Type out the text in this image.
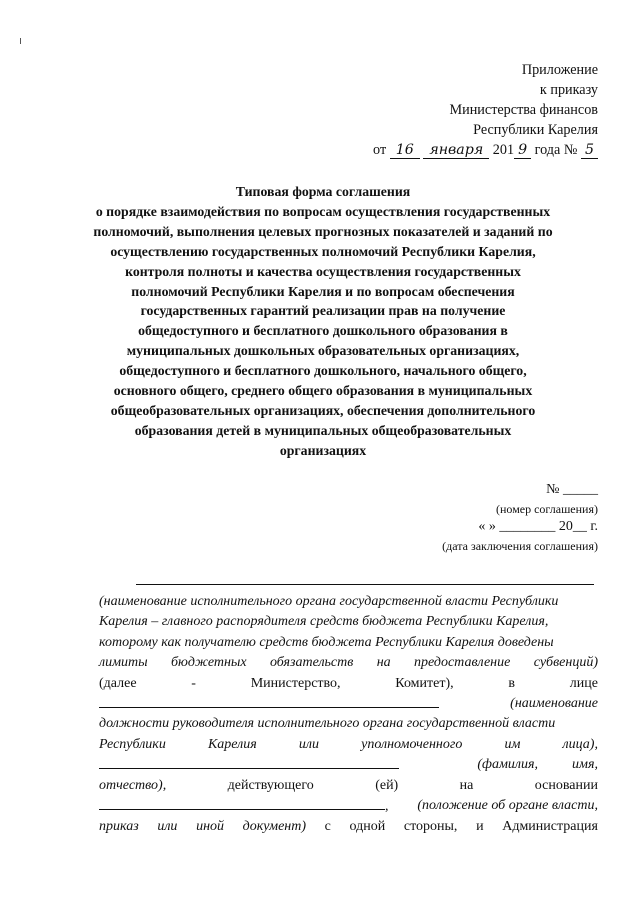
Приложение
к приказу
Министерства финансов
Республики Карелия
от 16 января 201 9 года № 5
Типовая форма соглашения
о порядке взаимодействия по вопросам осуществления государственных
полномочий, выполнения целевых прогнозных показателей и заданий по
осуществлению государственных полномочий Республики Карелия,
контроля полноты и качества осуществления государственных
полномочий Республики Карелия и по вопросам обеспечения
государственных гарантий реализации прав на получение
общедоступного и бесплатного дошкольного образования в
муниципальных дошкольных образовательных организациях,
общедоступного и бесплатного дошкольного, начального общего,
основного общего, среднего общего образования в муниципальных
общеобразовательных организациях, обеспечения дополнительного
образования детей в муниципальных общеобразовательных
организациях
№ _____
(номер соглашения)
« » ________ 20__ г.
(дата заключения соглашения)
(наименование исполнительного органа государственной власти Республики
Карелия – главного распорядителя средств бюджета Республики Карелия,
которому как получателю средств бюджета Республики Карелия доведены
лимиты бюджетных обязательств на предоставление субвенций)
(далее	-	Министерство,	Комитет),	в	лице
(наименование
должности руководителя исполнительного органа государственной власти
Республики	Карелия	или	уполномоченного	им	лица),
(фамилия, имя,
отчество),	действующего	(ей)	на	основании
, (положение об органе власти,
приказ или иной документ) с одной стороны, и Администрация
